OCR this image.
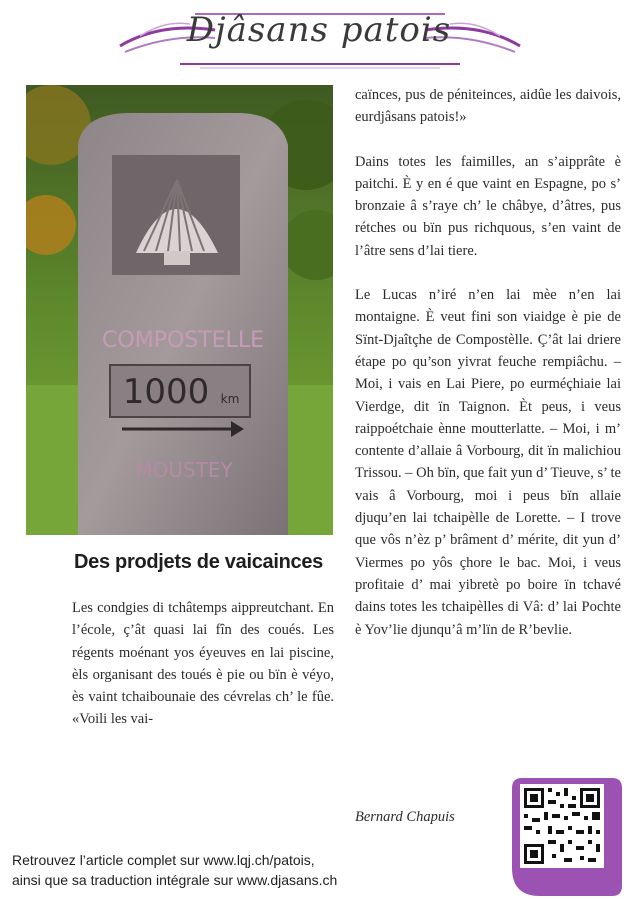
Djâsans patois
COMPOSTELLE
1000 km
MOUSTEY
Des prodjets de vaicainces

Les condgies di tchâtemps aippreutchant. En l’école, ç’ât quasi lai fîn des coués. Les régents moénant yos éyeuves en lai piscine, èls organisant des toués è pie ou bïn è véyo, ès vaint tchaibounaie des cévrelas ch’ le fûe. «Voili les vai-

caïnces, pus de péniteinces, aidûe les daivois, eurdjâsans patois!»

Dains totes les faimilles, an s’aipprâte è paitchi. È y en é que vaint en Espagne, po s’ bronzaie â s’raye ch’ le châbye, d’âtres, pus rétches ou bïn pus richquous, s’en vaint de l’âtre sens d’lai tiere.

Le Lucas n’iré n’en lai mèe n’en lai montaigne. È veut fini son viaidge è pie de Sïnt-Djaîtçhe de Compostèlle. Ç’ât lai driere étape po qu’son yivrat feuche rempiâchu. – Moi, i vais en Lai Piere, po eurméçhiaie lai Vierdge, dit ïn Taignon. Èt peus, i veus raippoétchaie ènne moutterlatte. – Moi, i m’ contente d’allaie â Vorbourg, dit ïn malichiou Trissou. – Oh bïn, que fait yun d’ Tieuve, s’ te vais â Vorbourg, moi i peus bïn allaie djuqu’en lai tchaipèlle de Lorette. – I trove que vôs n’èz p’ brâment d’ mérite, dit yun d’ Viermes po yôs çhore le bac. Moi, i veus profitaie d’ mai yibretè po boire ïn tchavé dains totes les tchaipèlles di Vâ: d’ lai Pochte è Yov’lie djunqu’â m’lïn de R’bevlie.

Bernard Chapuis
Retrouvez l’article complet sur www.lqj.ch/patois,
ainsi que sa traduction intégrale sur www.djasans.ch
